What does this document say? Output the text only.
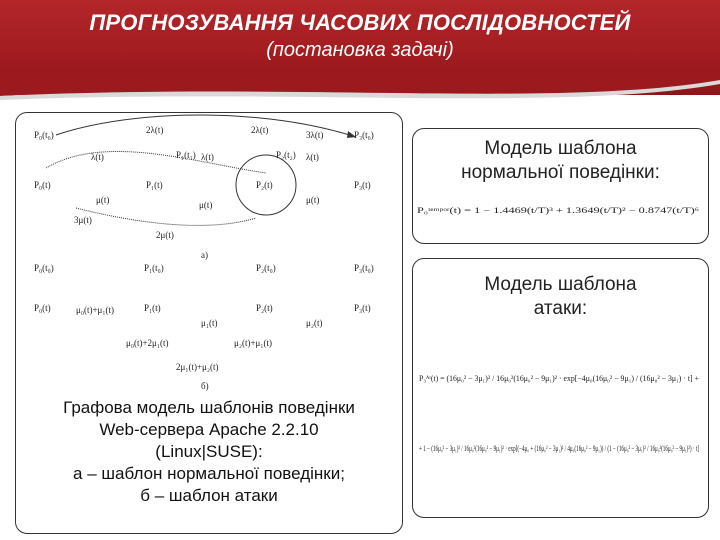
ПРОГНОЗУВАННЯ ЧАСОВИХ ПОСЛІДОВНОСТЕЙ
(постановка задачі)
P₀(t₀)
P₁(t₁)	P₂(t₂)
P₃(t₀)
P₀(t)	P₁(t)	P₂(t)	P₃(t)
2λ(t)	2λ(t)	3λ(t)
λ(t)	λ(t)	λ(t)
μ(t)	μ(t)	μ(t)
3μ(t)
2μ(t)
а)
P₀(t₀)	P₁(t₀)	P₂(t₀)	P₃(t₀)
P₀(t)	P₁(t)	P₂(t)	P₃(t)
μ₀(t)+μ₁(t)
μ₁(t)	μ₂(t)
μ₀(t)+2μ₁(t)	μ₂(t)+μ₁(t)
2μ₁(t)+μ₂(t)
б)
Графова модель шаблонів поведінки
Web-сервера Apache 2.2.10
(Linux|SUSE):
а – шаблон нормальної поведінки;
б – шаблон атаки
Модель шаблона
нормальної поведінки:
P₀ᵗᵉᵐᵖᵒʳ(t) = 1 − 1.4469(t/T)³ + 1.3649(t/T)² − 0.8747(t/T)⁶
Модель шаблона
атаки:
P₃ᴬᵗ(t) = (16μ₀² − 3μ₁)² / 16μ₀²(16μ₀² − 9μ₁)² · exp[−4μ₀(16μ₀² − 9μ₁) / (16μ₀² − 3μ₁) · t] +
+ 1 − (16μ₀² − 3μ₁)³ / 16μ₀²(16μ₀² − 9μ₁)² · exp[(−4μ₀ + (16μ₀² − 3μ₁)² / 4μ₀(16μ₀² − 9μ₁)) / (1 − (16μ₀² − 3μ₁)² / 16μ₀²(16μ₀² − 9μ₁)²) · t]
